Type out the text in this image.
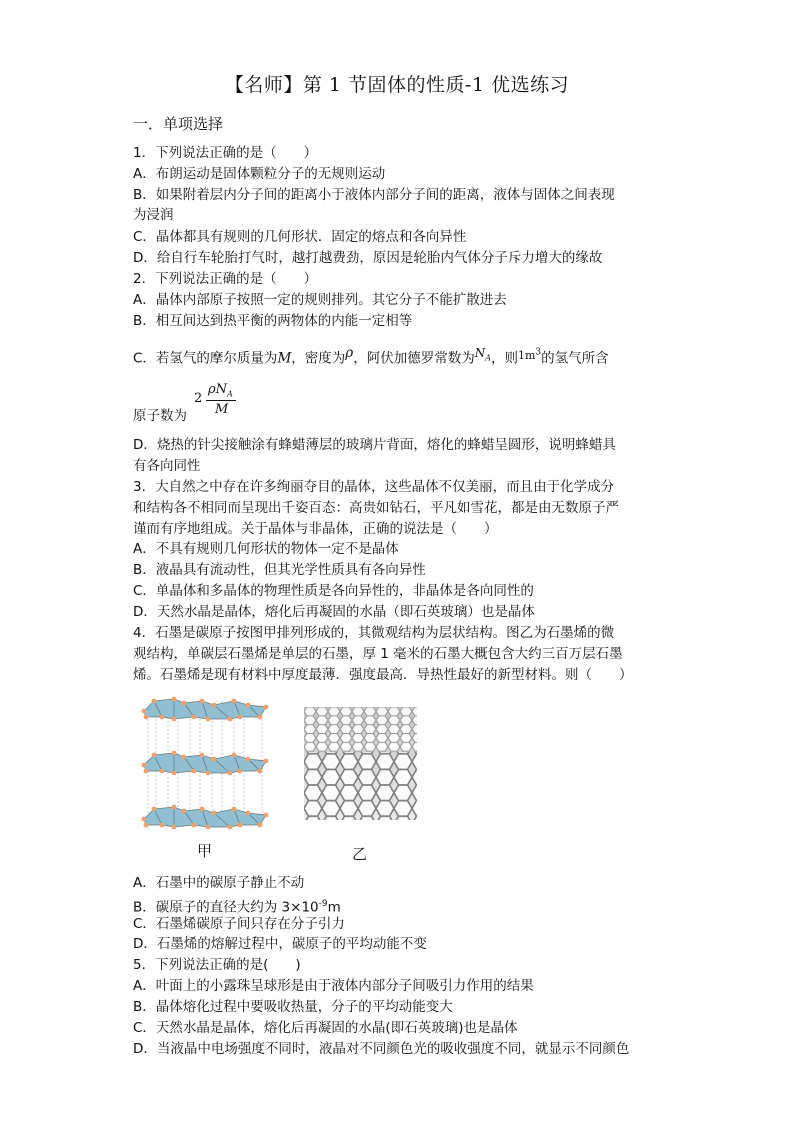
【名师】第 1 节固体的性质-1 优选练习
一．单项选择
1．下列说法正确的是（　　）
A．布朗运动是固体颗粒分子的无规则运动
B．如果附着层内分子间的距离小于液体内部分子间的距离，液体与固体之间表现
为浸润
C．晶体都具有规则的几何形状．固定的熔点和各向异性
D．给自行车轮胎打气时，越打越费劲，原因是轮胎内气体分子斥力增大的缘故
2．下列说法正确的是（　　）
A．晶体内部原子按照一定的规则排列。其它分子不能扩散进去
B．相互间达到热平衡的两物体的内能一定相等
C．若氢气的摩尔质量为M，密度为ρ，阿伏加德罗常数为$N_A$，则$^{1m^3}$的氢气所含
2
$\rho N_A$
M
原子数为
D．烧热的针尖接触涂有蜂蜡薄层的玻璃片背面，熔化的蜂蜡呈圆形，说明蜂蜡具
有各向同性
3．大自然之中存在许多绚丽夺目的晶体，这些晶体不仅美丽，而且由于化学成分
和结构各不相同而呈现出千姿百态：高贵如钻石，平凡如雪花，都是由无数原子严
谨而有序地组成。关于晶体与非晶体，正确的说法是（　　）
A．不具有规则几何形状的物体一定不是晶体
B．液晶具有流动性，但其光学性质具有各向异性
C．单晶体和多晶体的物理性质是各向异性的，非晶体是各向同性的
D．天然水晶是晶体，熔化后再凝固的水晶（即石英玻璃）也是晶体
4．石墨是碳原子按图甲排列形成的，其微观结构为层状结构。图乙为石墨烯的微
观结构，单碳层石墨烯是单层的石墨，厚 1 毫米的石墨大概包含大约三百万层石墨
烯。石墨烯是现有材料中厚度最薄．强度最高．导热性最好的新型材料。则（　　）
甲	乙
A．石墨中的碳原子静止不动
B．碳原子的直径大约为 $3\times 10^{-9}m$
C．石墨烯碳原子间只存在分子引力
D．石墨烯的熔解过程中，碳原子的平均动能不变
5．下列说法正确的是(　　)
A．叶面上的小露珠呈球形是由于液体内部分子间吸引力作用的结果
B．晶体熔化过程中要吸收热量，分子的平均动能变大
C．天然水晶是晶体，熔化后再凝固的水晶(即石英玻璃)也是晶体
D．当液晶中电场强度不同时，液晶对不同颜色光的吸收强度不同，就显示不同颜色
